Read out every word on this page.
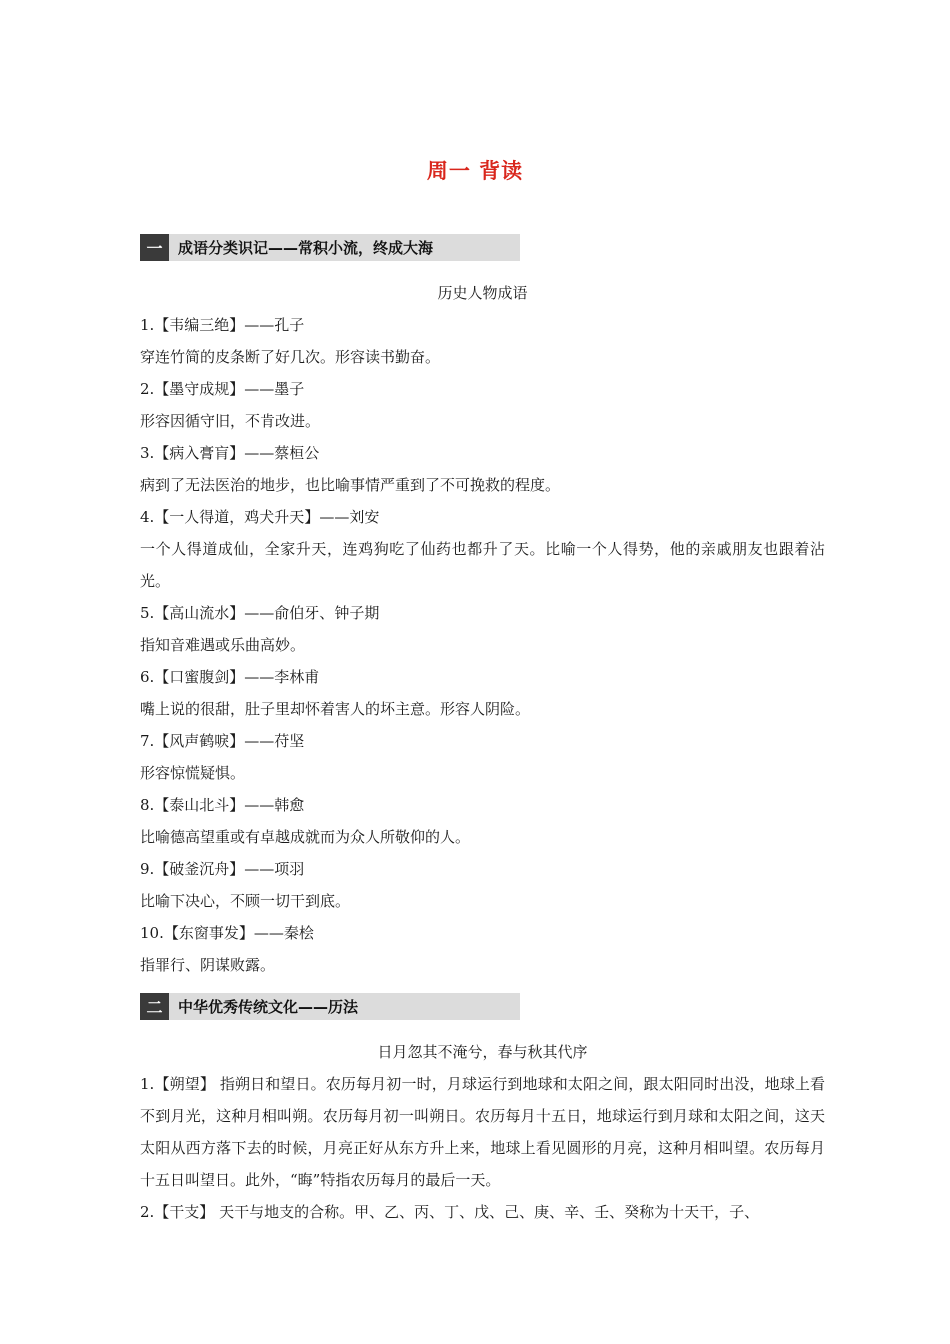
周一 背读
一	成语分类识记——常积小流，终成大海
历史人物成语
1.【韦编三绝】——孔子
穿连竹简的皮条断了好几次。形容读书勤奋。
2.【墨守成规】——墨子
形容因循守旧，不肯改进。
3.【病入膏肓】——蔡桓公
病到了无法医治的地步，也比喻事情严重到了不可挽救的程度。
4.【一人得道，鸡犬升天】——刘安
一个人得道成仙，全家升天，连鸡狗吃了仙药也都升了天。比喻一个人得势，他的亲戚朋友也跟着沾光。
5.【高山流水】——俞伯牙、钟子期
指知音难遇或乐曲高妙。
6.【口蜜腹剑】——李林甫
嘴上说的很甜，肚子里却怀着害人的坏主意。形容人阴险。
7.【风声鹤唳】——苻坚
形容惊慌疑惧。
8.【泰山北斗】——韩愈
比喻德高望重或有卓越成就而为众人所敬仰的人。
9.【破釜沉舟】——项羽
比喻下决心，不顾一切干到底。
10.【东窗事发】——秦桧
指罪行、阴谋败露。
二	中华优秀传统文化——历法
日月忽其不淹兮，春与秋其代序
1.【朔望】 指朔日和望日。农历每月初一时，月球运行到地球和太阳之间，跟太阳同时出没，地球上看不到月光，这种月相叫朔。农历每月初一叫朔日。农历每月十五日，地球运行到月球和太阳之间，这天太阳从西方落下去的时候，月亮正好从东方升上来，地球上看见圆形的月亮，这种月相叫望。农历每月十五日叫望日。此外，“晦”特指农历每月的最后一天。
2.【干支】 天干与地支的合称。甲、乙、丙、丁、戊、己、庚、辛、壬、癸称为十天干，子、
